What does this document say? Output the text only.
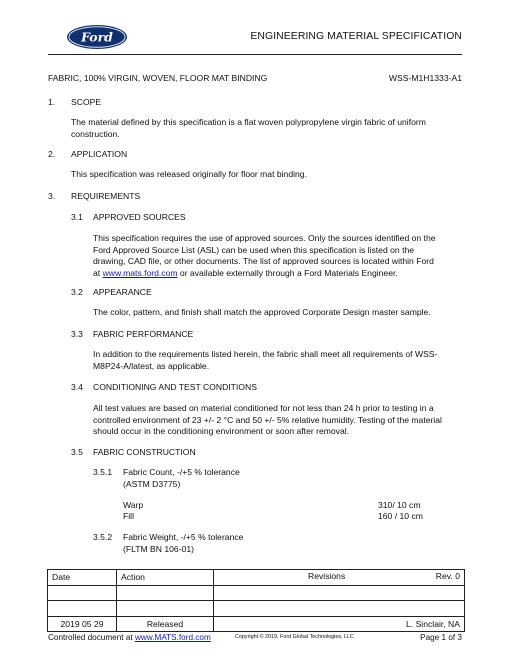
Ford	ENGINEERING MATERIAL SPECIFICATION
FABRIC, 100% VIRGIN, WOVEN, FLOOR MAT BINDING	WSS-M1H1333-A1
1.	SCOPE
The material defined by this specification is a flat woven polypropylene virgin fabric of uniform construction.
2.	APPLICATION
This specification was released originally for floor mat binding.
3.	REQUIREMENTS
3.1 APPROVED SOURCES
This specification requires the use of approved sources. Only the sources identified on the Ford Approved Source List (ASL) can be used when this specification is listed on the drawing, CAD file, or other documents. The list of approved sources is located within Ford at www.mats.ford.com or available externally through a Ford Materials Engineer.
3.2 APPEARANCE
The color, pattern, and finish shall match the approved Corporate Design master sample.
3.3 FABRIC PERFORMANCE
In addition to the requirements listed herein, the fabric shall meet all requirements of WSS-M8P24-A/latest, as applicable.
3.4 CONDITIONING AND TEST CONDITIONS
All test values are based on material conditioned for not less than 24 h prior to testing in a controlled environment of 23 +/- 2 °C and 50 +/- 5% relative humidity. Testing of the material should occur in the conditioning environment or soon after removal.
3.5 FABRIC CONSTRUCTION
3.5.1 Fabric Count, -/+5 % tolerance
(ASTM D3775)
Warp	310/ 10 cm
Fill	160 / 10 cm
3.5.2 Fabric Weight, -/+5 % tolerance
(FLTM BN 106-01)
Date	Action	Revisions Rev. 0

2019 05 29	Released	L. Sinclair, NA
Controlled document at www.MATS.ford.com	Copyright © 2019, Ford Global Technologies, LLC	Page 1 of 3
